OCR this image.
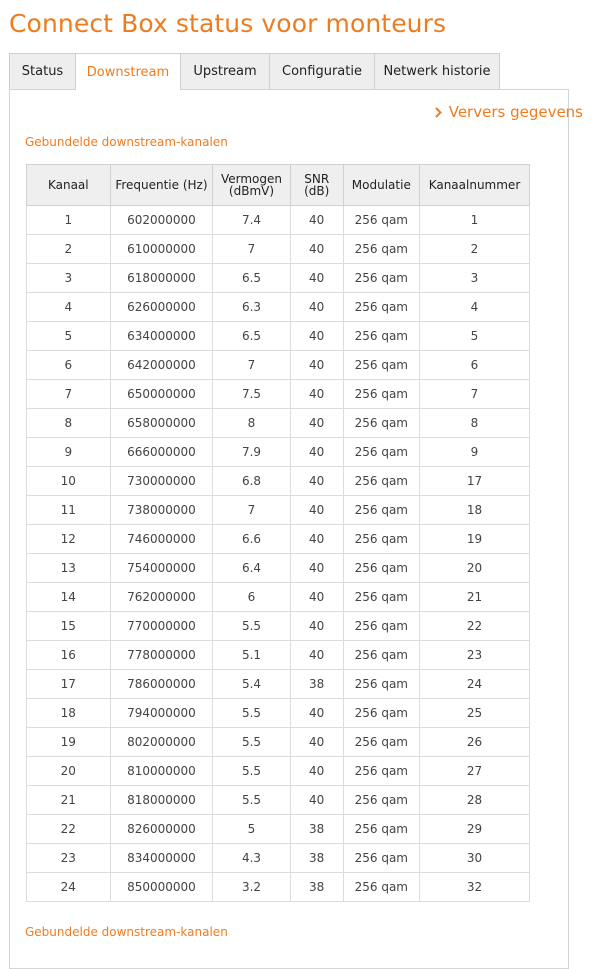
Connect Box status voor monteurs
Status	Downstream	Upstream	Configuratie	Netwerk historie
Ververs gegevens
Gebundelde downstream-kanalen
Kanaal	Frequentie (Hz)	Vermogen (dBmV)	SNR (dB)	Modulatie	Kanaalnummer
1	602000000	7.4	40	256 qam	1
2	610000000	7	40	256 qam	2
3	618000000	6.5	40	256 qam	3
4	626000000	6.3	40	256 qam	4
5	634000000	6.5	40	256 qam	5
6	642000000	7	40	256 qam	6
7	650000000	7.5	40	256 qam	7
8	658000000	8	40	256 qam	8
9	666000000	7.9	40	256 qam	9
10	730000000	6.8	40	256 qam	17
11	738000000	7	40	256 qam	18
12	746000000	6.6	40	256 qam	19
13	754000000	6.4	40	256 qam	20
14	762000000	6	40	256 qam	21
15	770000000	5.5	40	256 qam	22
16	778000000	5.1	40	256 qam	23
17	786000000	5.4	38	256 qam	24
18	794000000	5.5	40	256 qam	25
19	802000000	5.5	40	256 qam	26
20	810000000	5.5	40	256 qam	27
21	818000000	5.5	40	256 qam	28
22	826000000	5	38	256 qam	29
23	834000000	4.3	38	256 qam	30
24	850000000	3.2	38	256 qam	32
Gebundelde downstream-kanalen
